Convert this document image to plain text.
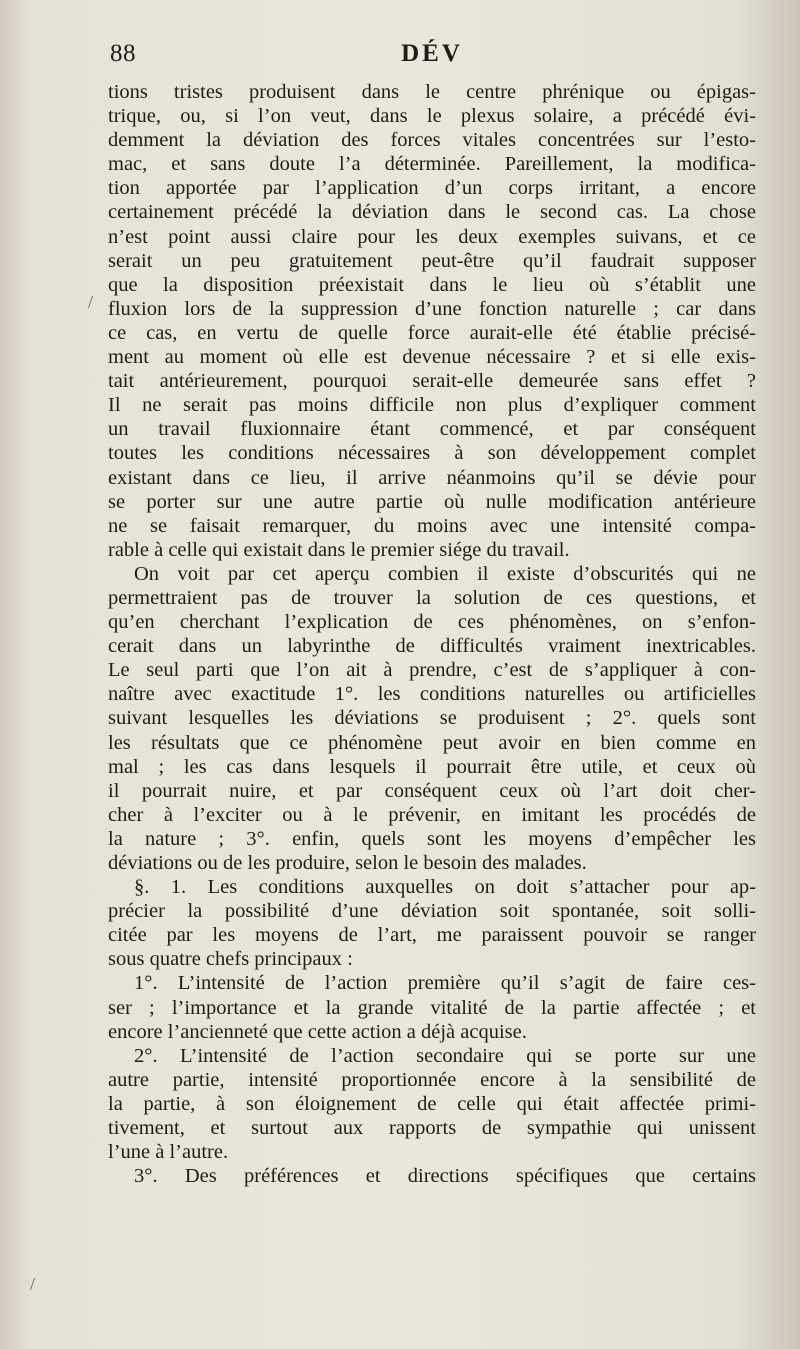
88	DÉV
tions tristes produisent dans le centre phrénique ou épigas-
trique, ou, si l’on veut, dans le plexus solaire, a précédé évi-
demment la déviation des forces vitales concentrées sur l’esto-
mac, et sans doute l’a déterminée. Pareillement, la modifica-
tion apportée par l’application d’un corps irritant, a encore
certainement précédé la déviation dans le second cas. La chose
n’est point aussi claire pour les deux exemples suivans, et ce
serait un peu gratuitement peut-être qu’il faudrait supposer
que la disposition préexistait dans le lieu où s’établit une
fluxion lors de la suppression d’une fonction naturelle ; car dans
ce cas, en vertu de quelle force aurait-elle été établie précisé-
ment au moment où elle est devenue nécessaire ? et si elle exis-
tait antérieurement, pourquoi serait-elle demeurée sans effet ?
Il ne serait pas moins difficile non plus d’expliquer comment
un travail fluxionnaire étant commencé, et par conséquent
toutes les conditions nécessaires à son développement complet
existant dans ce lieu, il arrive néanmoins qu’il se dévie pour
se porter sur une autre partie où nulle modification antérieure
ne se faisait remarquer, du moins avec une intensité compa-
rable à celle qui existait dans le premier siége du travail.
On voit par cet aperçu combien il existe d’obscurités qui ne
permettraient pas de trouver la solution de ces questions, et
qu’en cherchant l’explication de ces phénomènes, on s’enfon-
cerait dans un labyrinthe de difficultés vraiment inextricables.
Le seul parti que l’on ait à prendre, c’est de s’appliquer à con-
naître avec exactitude 1°. les conditions naturelles ou artificielles
suivant lesquelles les déviations se produisent ; 2°. quels sont
les résultats que ce phénomène peut avoir en bien comme en
mal ; les cas dans lesquels il pourrait être utile, et ceux où
il pourrait nuire, et par conséquent ceux où l’art doit cher-
cher à l’exciter ou à le prévenir, en imitant les procédés de
la nature ; 3°. enfin, quels sont les moyens d’empêcher les
déviations ou de les produire, selon le besoin des malades.
§. 1. Les conditions auxquelles on doit s’attacher pour ap-
précier la possibilité d’une déviation soit spontanée, soit solli-
citée par les moyens de l’art, me paraissent pouvoir se ranger
sous quatre chefs principaux :
1°. L’intensité de l’action première qu’il s’agit de faire ces-
ser ; l’importance et la grande vitalité de la partie affectée ; et
encore l’ancienneté que cette action a déjà acquise.
2°. L’intensité de l’action secondaire qui se porte sur une
autre partie, intensité proportionnée encore à la sensibilité de
la partie, à son éloignement de celle qui était affectée primi-
tivement, et surtout aux rapports de sympathie qui unissent
l’une à l’autre.
3°. Des préférences et directions spécifiques que certains
/
/
